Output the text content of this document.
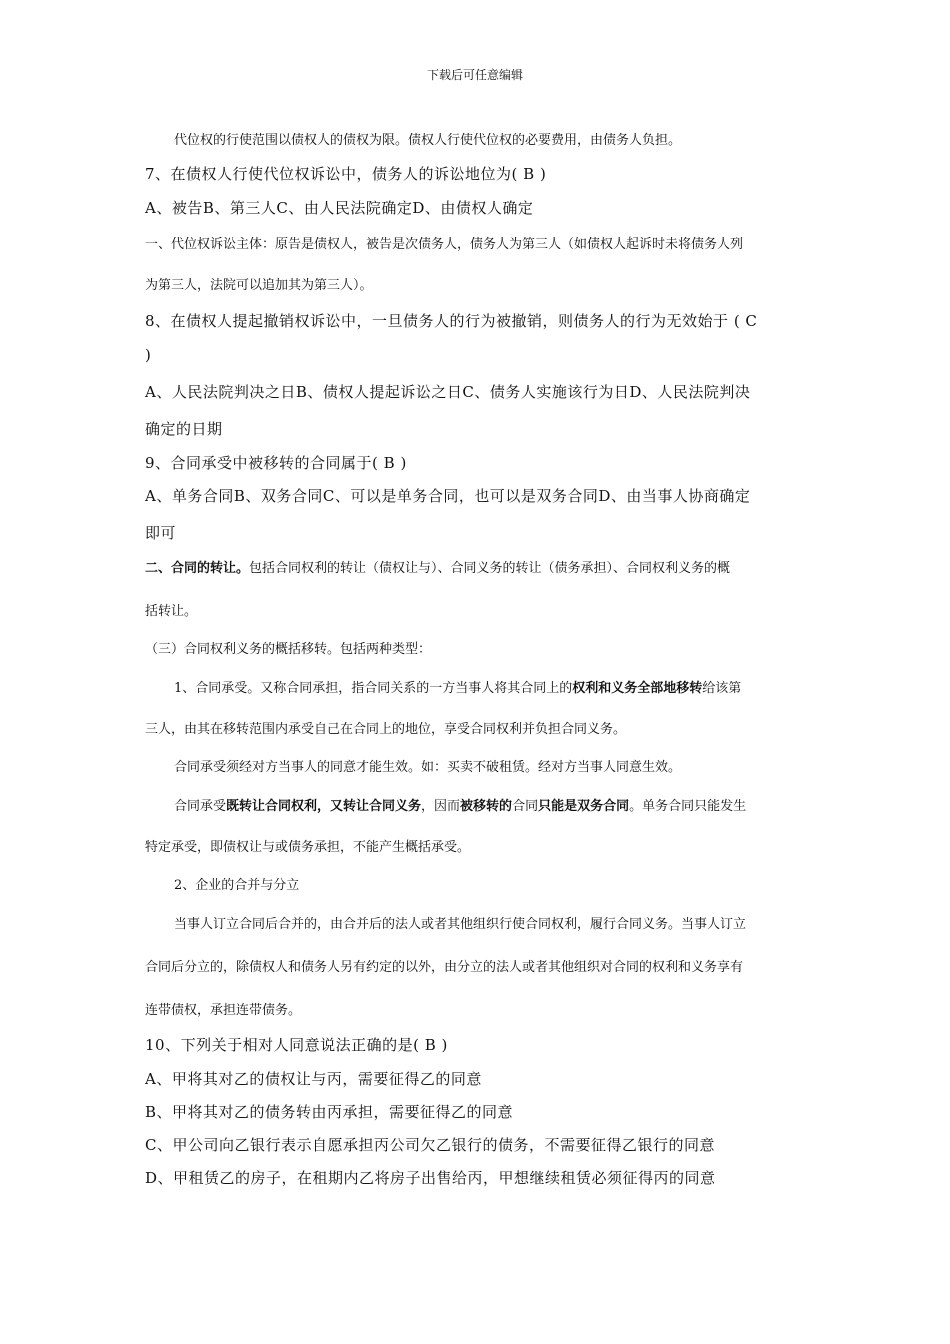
下载后可任意编辑
代位权的行使范围以债权人的债权为限。债权人行使代位权的必要费用，由债务人负担。
7、在债权人行使代位权诉讼中，债务人的诉讼地位为( B )
A、被告B、第三人C、由人民法院确定D、由债权人确定
一、代位权诉讼主体：原告是债权人，被告是次债务人，债务人为第三人（如债权人起诉时未将债务人列
为第三人，法院可以追加其为第三人）。
8、在债权人提起撤销权诉讼中，一旦债务人的行为被撤销，则债务人的行为无效始于 ( C
)
A、人民法院判决之日B、债权人提起诉讼之日C、债务人实施该行为日D、人民法院判决
确定的日期
9、合同承受中被移转的合同属于( B )
A、单务合同B、双务合同C、可以是单务合同，也可以是双务合同D、由当事人协商确定
即可
二、合同的转让。包括合同权利的转让（债权让与）、合同义务的转让（债务承担）、合同权利义务的概
括转让。
（三）合同权利义务的概括移转。包括两种类型：
1、合同承受。又称合同承担，指合同关系的一方当事人将其合同上的权利和义务全部地移转给该第
三人，由其在移转范围内承受自己在合同上的地位，享受合同权利并负担合同义务。
合同承受须经对方当事人的同意才能生效。如：买卖不破租赁。经对方当事人同意生效。
合同承受既转让合同权利，又转让合同义务，因而被移转的合同只能是双务合同。单务合同只能发生
特定承受，即债权让与或债务承担，不能产生概括承受。
2、企业的合并与分立
当事人订立合同后合并的，由合并后的法人或者其他组织行使合同权利，履行合同义务。当事人订立
合同后分立的，除债权人和债务人另有约定的以外，由分立的法人或者其他组织对合同的权利和义务享有
连带债权，承担连带债务。
10、下列关于相对人同意说法正确的是( B )
A、甲将其对乙的债权让与丙，需要征得乙的同意
B、甲将其对乙的债务转由丙承担，需要征得乙的同意
C、甲公司向乙银行表示自愿承担丙公司欠乙银行的债务，不需要征得乙银行的同意
D、甲租赁乙的房子，在租期内乙将房子出售给丙，甲想继续租赁必须征得丙的同意
